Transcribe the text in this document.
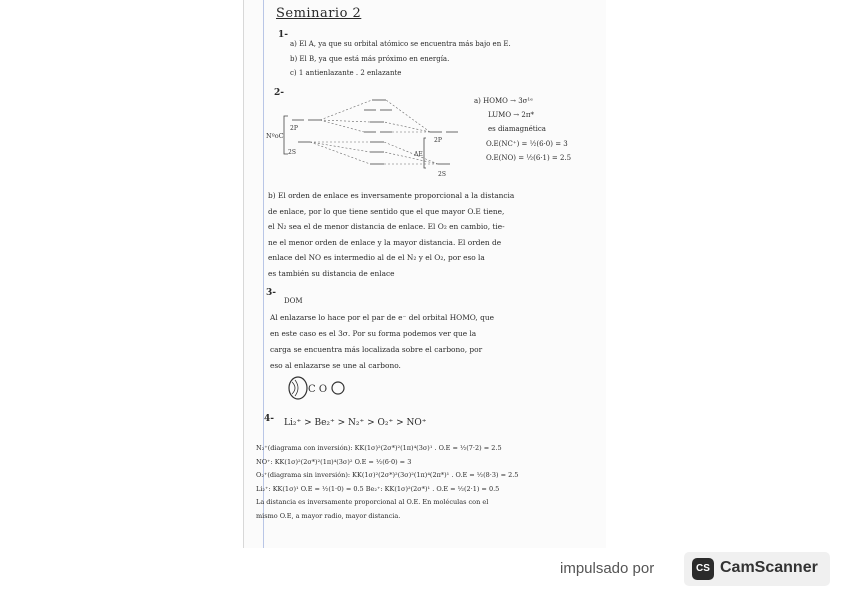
Seminario 2
1-
a) El A, ya que su orbital atómico se encuentra más bajo en E.
b) El B, ya que está más próximo en energía.
c) 1 antienlazante . 2 enlazante
2-
NºoC
2P
2S
2P
2S
ΔE
a) HOMO → 3σ¹ᵉ
LUMO → 2π*
es diamagnética
O.E(NC⁺) = ½(6·0) = 3
O.E(NO) = ½(6·1) = 2.5
b) El orden de enlace es inversamente proporcional a la distancia
de enlace, por lo que tiene sentido que el que mayor O.E tiene,
el N₂ sea el de menor distancia de enlace. El O₂ en cambio, tie-
ne el menor orden de enlace y la mayor distancia. El orden de
enlace del NO es intermedio al de el N₂ y el O₂, por eso la
es también su distancia de enlace
3-
DOM
Al enlazarse lo hace por el par de e⁻ del orbital HOMO, que
en este caso es el 3σ. Por su forma podemos ver que la
carga se encuentra más localizada sobre el carbono, por
eso al enlazarse se une al carbono.
C O
4- Li₂⁺ > Be₂⁺ > N₂⁺ > O₂⁺ > NO⁺
N₂⁺(diagrama con inversión): KK(1σ)²(2σ*)²(1π)⁴(3σ)¹ . O.E = ½(7·2) = 2.5
NO⁺: KK(1σ)²(2σ*)²(1π)⁴(3σ)² O.E = ½(6·0) = 3
O₂⁺(diagrama sin inversión): KK(1σ)²(2σ*)²(3σ)²(1π)⁴(2π*)¹ . O.E = ½(8·3) = 2.5
Li₂⁺: KK(1σ)¹ O.E = ½(1·0) = 0.5 Be₂⁺: KK(1σ)²(2σ*)¹ . O.E = ½(2·1) = 0.5
La distancia es inversamente proporcional al O.E. En moléculas con el
mismo O.E, a mayor radio, mayor distancia.
impulsado por	CS CamScanner
